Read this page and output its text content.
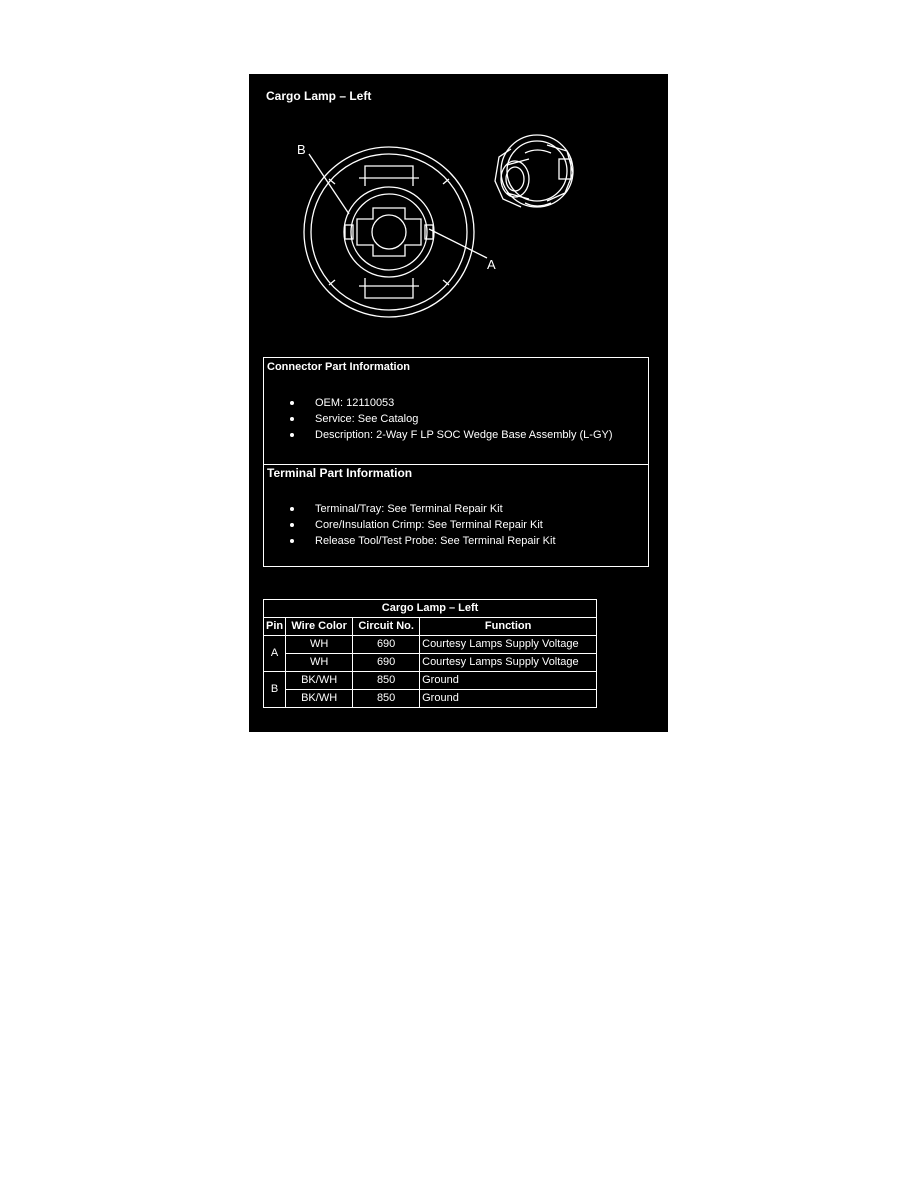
Cargo Lamp – Left
B
A
Connector Part Information
OEM: 12110053
Service: See Catalog
Description: 2-Way F LP SOC Wedge Base Assembly (L-GY)
Terminal Part Information
Terminal/Tray: See Terminal Repair Kit
Core/Insulation Crimp: See Terminal Repair Kit
Release Tool/Test Probe: See Terminal Repair Kit
Cargo Lamp – Left			
Pin	Wire Color	Circuit No.	Function
A	WH	690	Courtesy Lamps Supply Voltage
	WH	690	Courtesy Lamps Supply Voltage
B	BK/WH	850	Ground
	BK/WH	850	Ground
